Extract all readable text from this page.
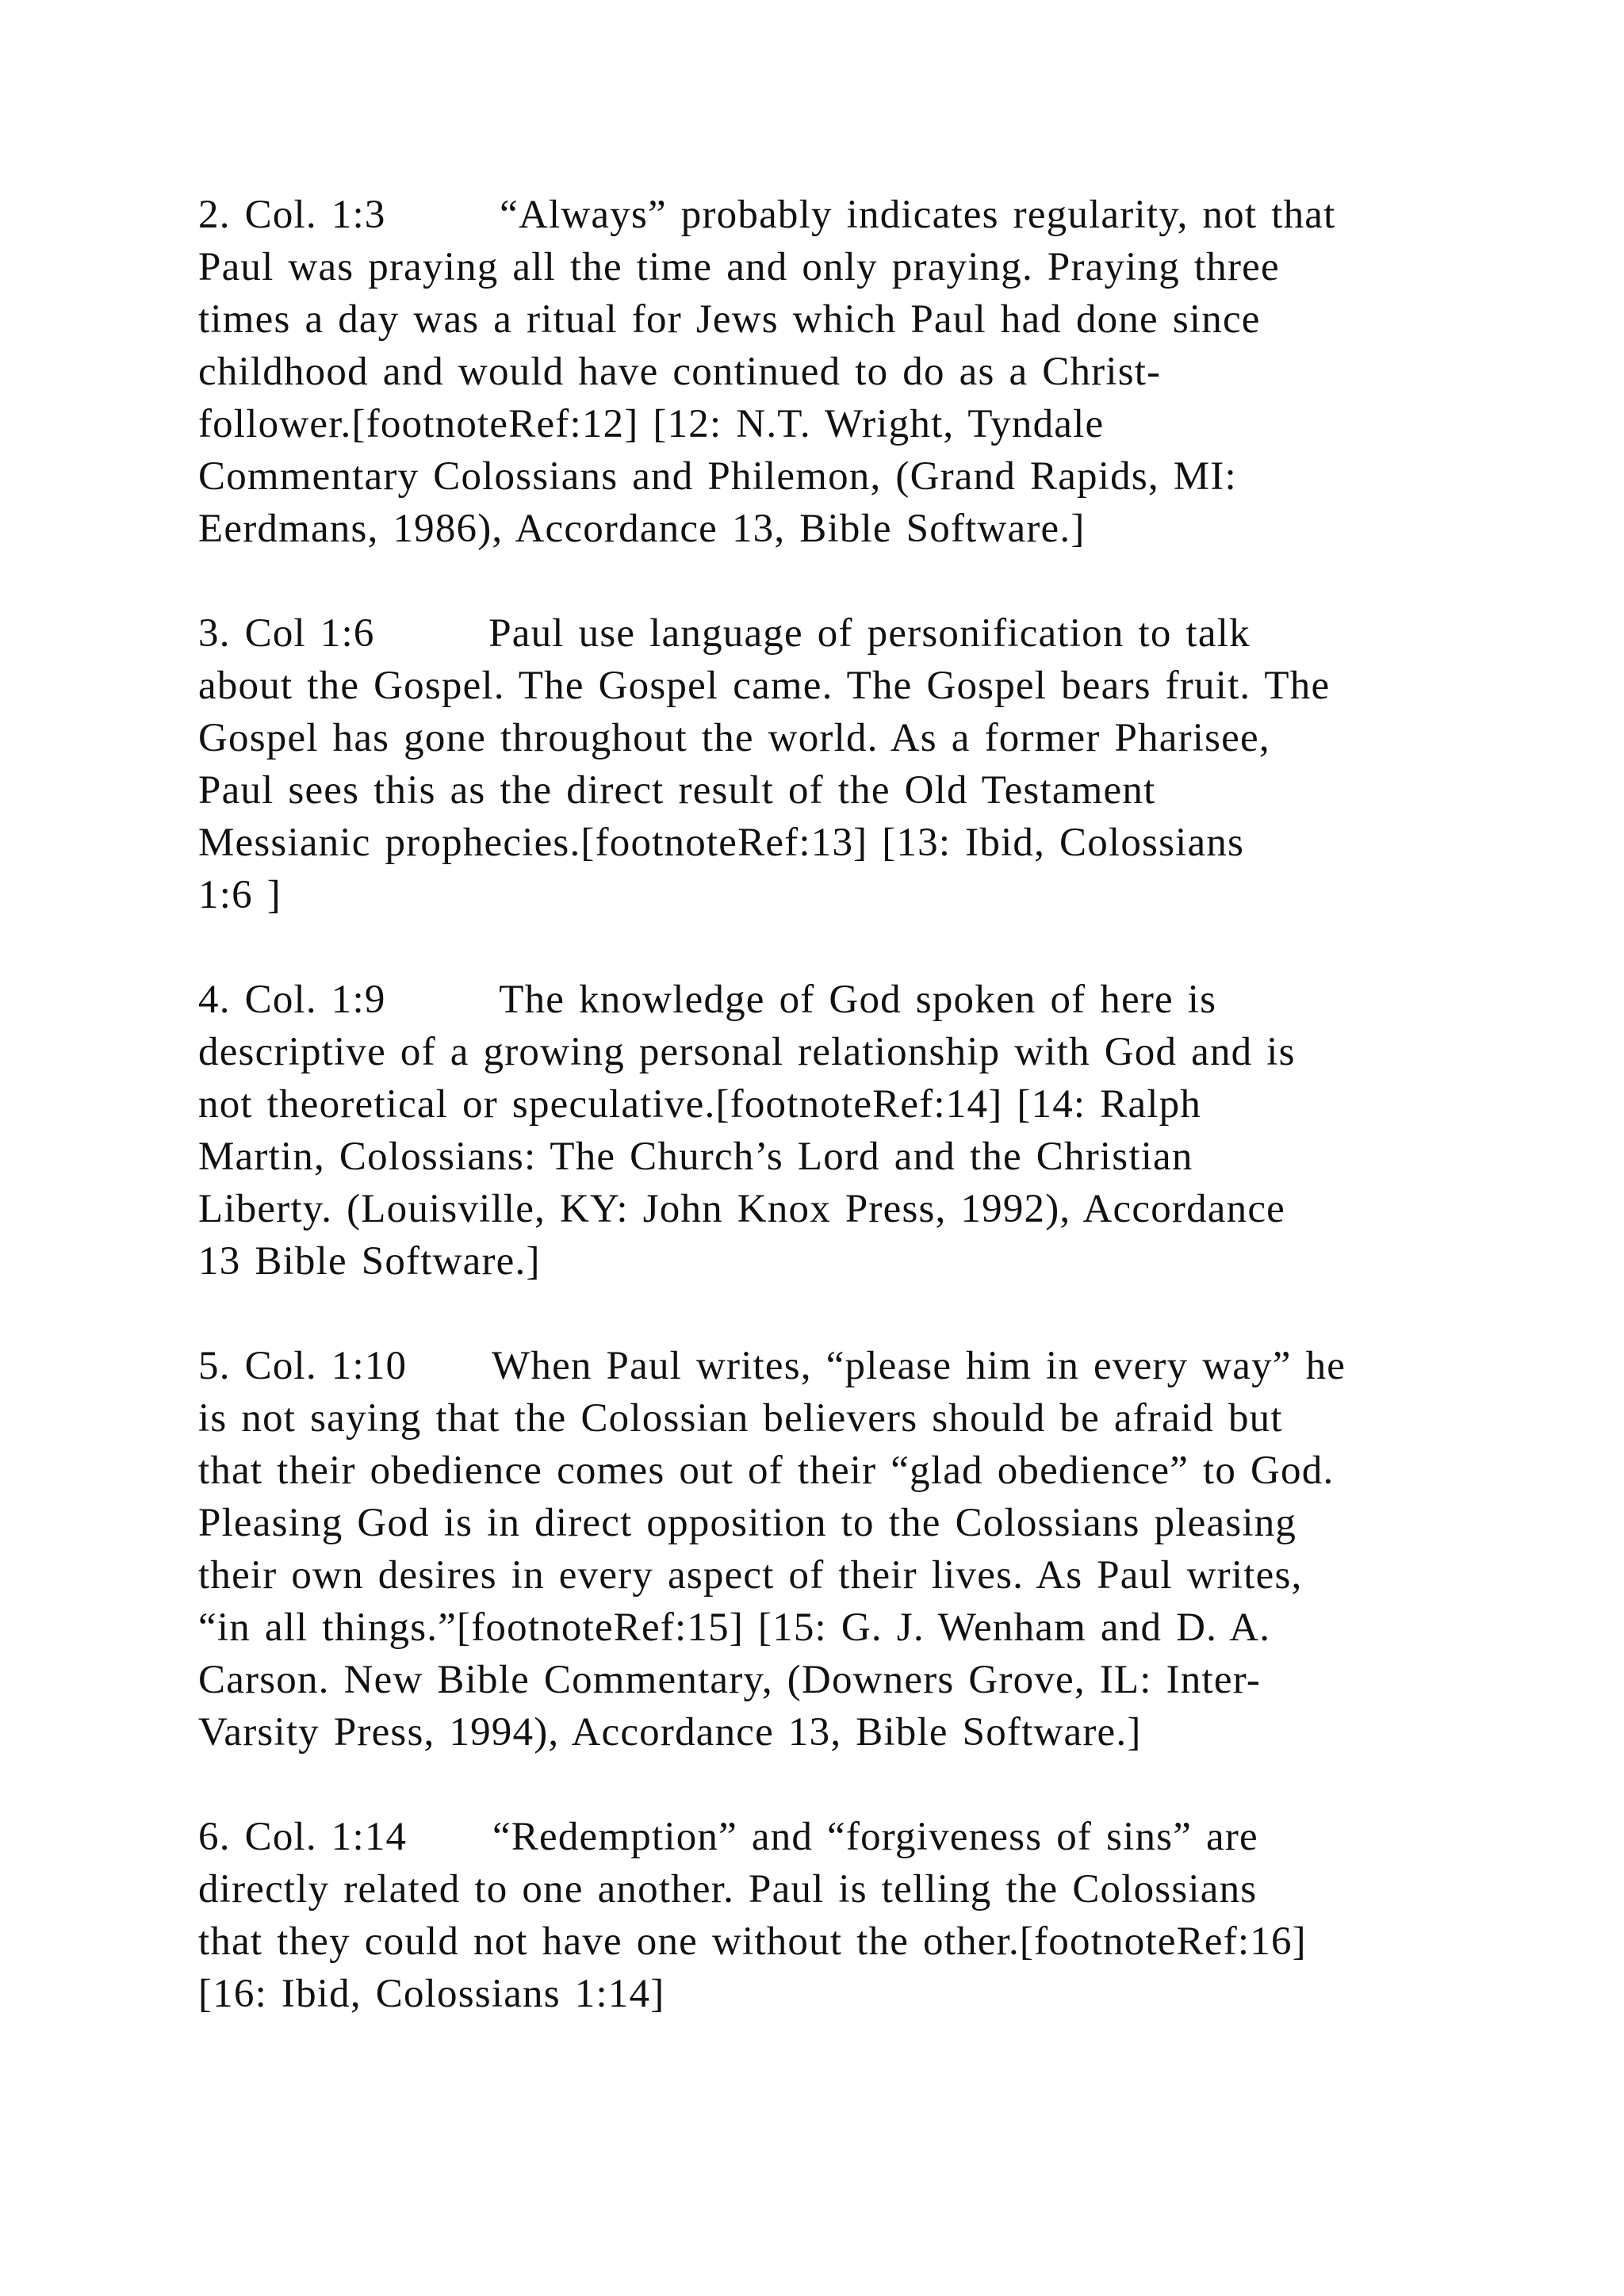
2. Col. 1:3        “Always” probably indicates regularity, not that
Paul was praying all the time and only praying. Praying three
times a day was a ritual for Jews which Paul had done since
childhood and would have continued to do as a Christ-
follower.[footnoteRef:12] [12: N.T. Wright, Tyndale
Commentary Colossians and Philemon, (Grand Rapids, MI:
Eerdmans, 1986), Accordance 13, Bible Software.]
3. Col 1:6        Paul use language of personification to talk
about the Gospel. The Gospel came. The Gospel bears fruit. The
Gospel has gone throughout the world. As a former Pharisee,
Paul sees this as the direct result of the Old Testament
Messianic prophecies.[footnoteRef:13] [13: Ibid, Colossians
1:6 ]
4. Col. 1:9        The knowledge of God spoken of here is
descriptive of a growing personal relationship with God and is
not theoretical or speculative.[footnoteRef:14] [14: Ralph
Martin, Colossians: The Church’s Lord and the Christian
Liberty. (Louisville, KY: John Knox Press, 1992), Accordance
13 Bible Software.]
5. Col. 1:10      When Paul writes, “please him in every way” he
is not saying that the Colossian believers should be afraid but
that their obedience comes out of their “glad obedience” to God.
Pleasing God is in direct opposition to the Colossians pleasing
their own desires in every aspect of their lives. As Paul writes,
“in all things.”[footnoteRef:15] [15: G. J. Wenham and D. A.
Carson. New Bible Commentary, (Downers Grove, IL: Inter-
Varsity Press, 1994), Accordance 13, Bible Software.]
6. Col. 1:14      “Redemption” and “forgiveness of sins” are
directly related to one another. Paul is telling the Colossians
that they could not have one without the other.[footnoteRef:16]
[16: Ibid, Colossians 1:14]
